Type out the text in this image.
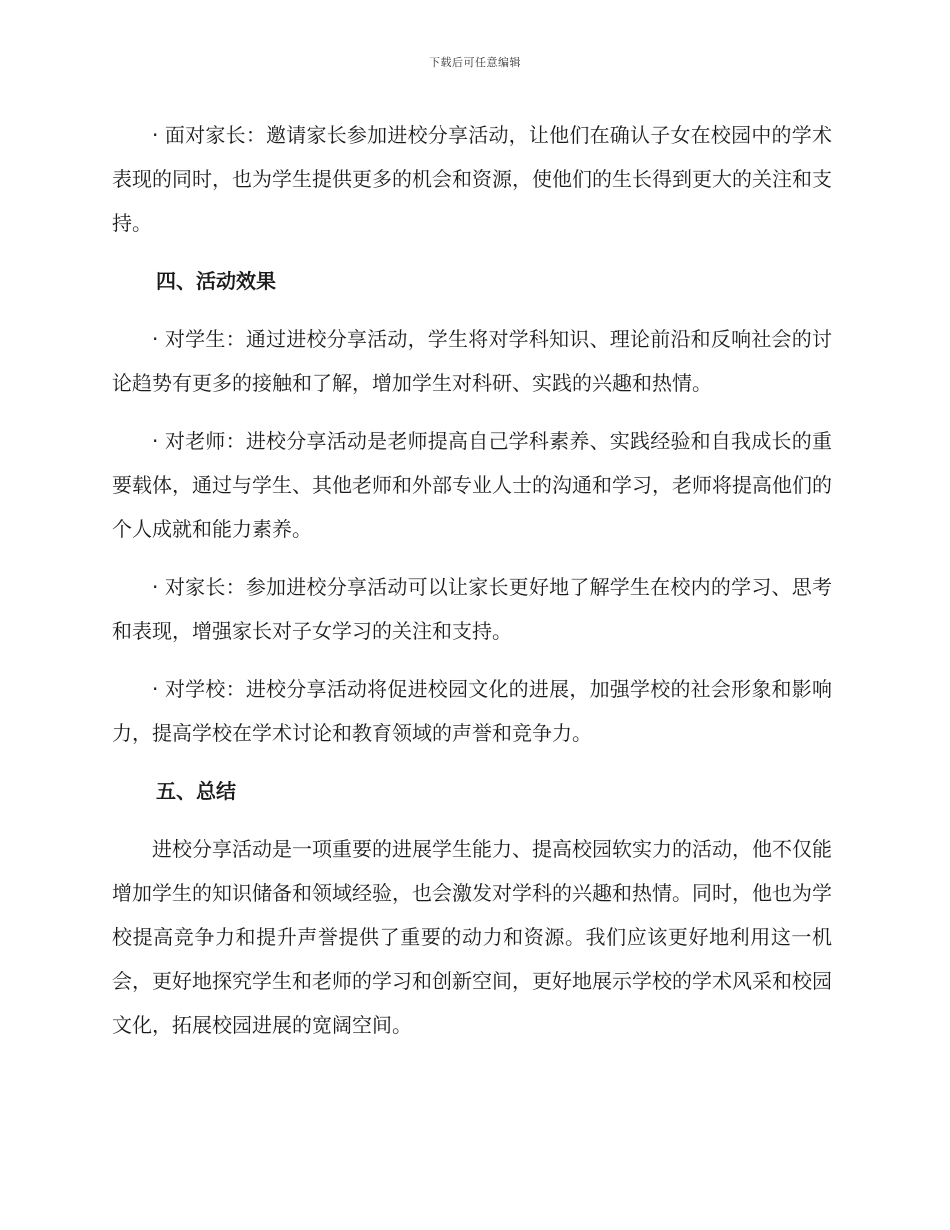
下载后可任意编辑

· 面对家长：邀请家长参加进校分享活动，让他们在确认子女在校园中的学术表现的同时，也为学生提供更多的机会和资源，使他们的生长得到更大的关注和支持。

四、活动效果

· 对学生：通过进校分享活动，学生将对学科知识、理论前沿和反响社会的讨论趋势有更多的接触和了解，增加学生对科研、实践的兴趣和热情。

· 对老师：进校分享活动是老师提高自己学科素养、实践经验和自我成长的重要载体，通过与学生、其他老师和外部专业人士的沟通和学习，老师将提高他们的个人成就和能力素养。

· 对家长：参加进校分享活动可以让家长更好地了解学生在校内的学习、思考和表现，增强家长对子女学习的关注和支持。

· 对学校：进校分享活动将促进校园文化的进展，加强学校的社会形象和影响力，提高学校在学术讨论和教育领域的声誉和竞争力。

五、总结

进校分享活动是一项重要的进展学生能力、提高校园软实力的活动，他不仅能增加学生的知识储备和领域经验，也会激发对学科的兴趣和热情。同时，他也为学校提高竞争力和提升声誉提供了重要的动力和资源。我们应该更好地利用这一机会，更好地探究学生和老师的学习和创新空间，更好地展示学校的学术风采和校园文化，拓展校园进展的宽阔空间。
